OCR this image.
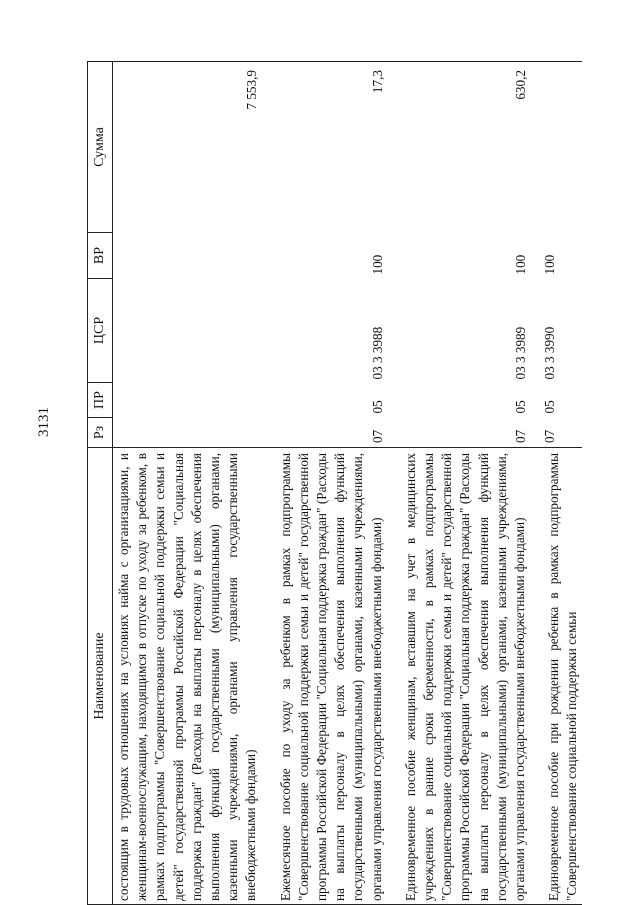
3131
Наименование	Рз	ПР	ЦСР	ВР	Сумма
состоящим в трудовых отношениях на условиях найма с организациями, и женщинам-военнослужащим, находящимся в отпуске по уходу за ребенком, в рамках подпрограммы "Совершенствование социальной поддержки семьи и детей" государственной программы Российской Федерации "Социальная поддержка граждан" (Расходы на выплаты персоналу в целях обеспечения выполнения функций государственными (муниципальными) органами, казенными учреждениями, органами управления государственными внебюджетными фондами)					7 553,9
Ежемесячное пособие по уходу за ребенком в рамках подпрограммы "Совершенствование социальной поддержки семьи и детей" государственной программы Российской Федерации "Социальная поддержка граждан" (Расходы на выплаты персоналу в целях обеспечения выполнения функций государственными (муниципальными) органами, казенными учреждениями, органами управления государственными внебюджетными фондами)	07	05	03 3 3988	100	17,3
Единовременное пособие женщинам, вставшим на учет в медицинских учреждениях в ранние сроки беременности, в рамках подпрограммы "Совершенствование социальной поддержки семьи и детей" государственной программы Российской Федерации "Социальная поддержка граждан" (Расходы на выплаты персоналу в целях обеспечения выполнения функций государственными (муниципальными) органами, казенными учреждениями, органами управления государственными внебюджетными фондами)	07	05	03 3 3989	100	630,2
Единовременное пособие при рождении ребенка в рамках подпрограммы "Совершенствование социальной поддержки семьи	07	05	03 3 3990	100	
